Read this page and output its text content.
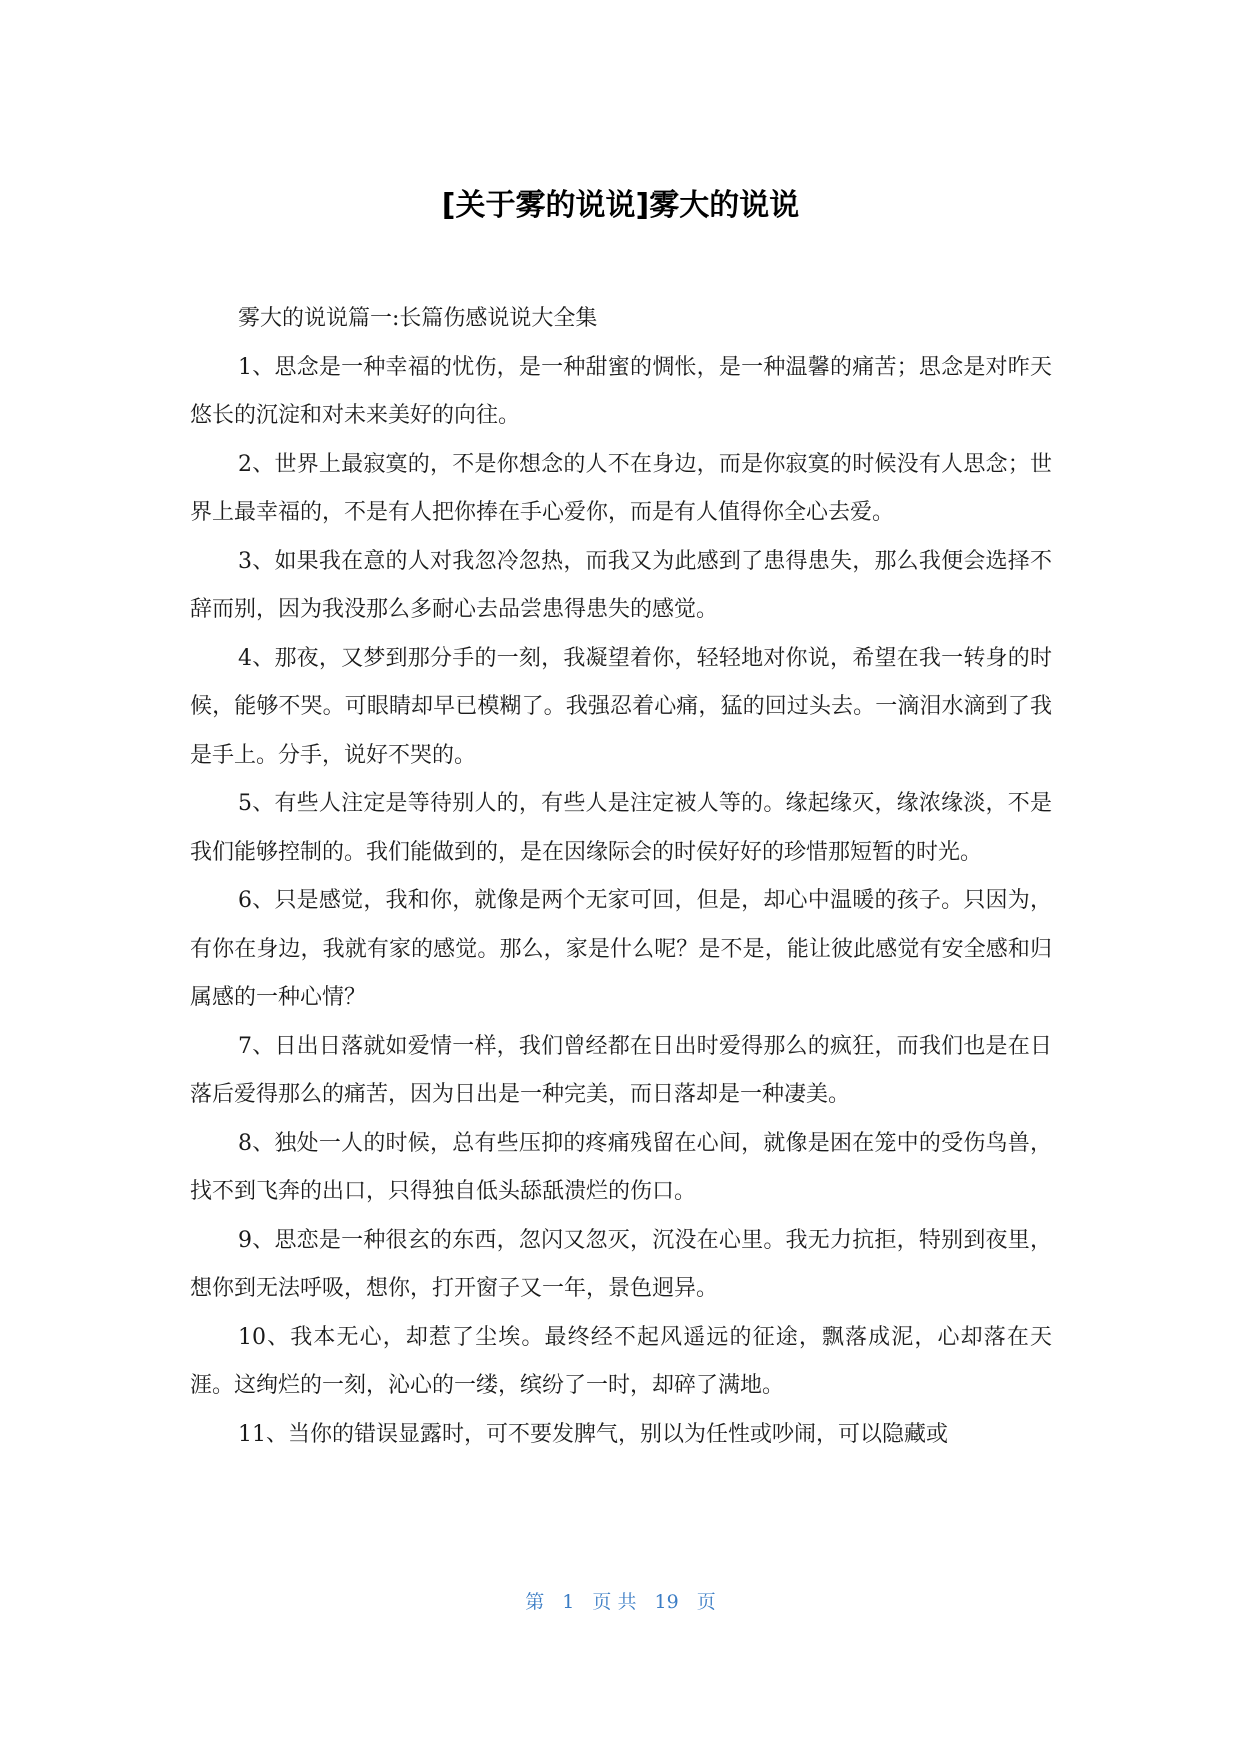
[关于雾的说说]雾大的说说

雾大的说说篇一:长篇伤感说说大全集

1、思念是一种幸福的忧伤，是一种甜蜜的惆怅，是一种温馨的痛苦；思念是对昨天悠长的沉淀和对未来美好的向往。

2、世界上最寂寞的，不是你想念的人不在身边，而是你寂寞的时候没有人思念；世界上最幸福的，不是有人把你捧在手心爱你，而是有人值得你全心去爱。

3、如果我在意的人对我忽冷忽热，而我又为此感到了患得患失，那么我便会选择不辞而别，因为我没那么多耐心去品尝患得患失的感觉。

4、那夜，又梦到那分手的一刻，我凝望着你，轻轻地对你说，希望在我一转身的时候，能够不哭。可眼睛却早已模糊了。我强忍着心痛，猛的回过头去。一滴泪水滴到了我是手上。分手，说好不哭的。

5、有些人注定是等待别人的，有些人是注定被人等的。缘起缘灭，缘浓缘淡，不是我们能够控制的。我们能做到的，是在因缘际会的时侯好好的珍惜那短暂的时光。

6、只是感觉，我和你，就像是两个无家可回，但是，却心中温暖的孩子。只因为，有你在身边，我就有家的感觉。那么，家是什么呢？是不是，能让彼此感觉有安全感和归属感的一种心情？

7、日出日落就如爱情一样，我们曾经都在日出时爱得那么的疯狂，而我们也是在日落后爱得那么的痛苦，因为日出是一种完美，而日落却是一种凄美。

8、独处一人的时候，总有些压抑的疼痛残留在心间，就像是困在笼中的受伤鸟兽，找不到飞奔的出口，只得独自低头舔舐溃烂的伤口。

9、思恋是一种很玄的东西，忽闪又忽灭，沉没在心里。我无力抗拒，特别到夜里，想你到无法呼吸，想你，打开窗子又一年，景色迥异。

10、我本无心，却惹了尘埃。最终经不起风遥远的征途，飘落成泥，心却落在天涯。这绚烂的一刻，沁心的一缕，缤纷了一时，却碎了满地。

11、当你的错误显露时，可不要发脾气，别以为任性或吵闹，可以隐藏或

第 1 页 共 19 页
